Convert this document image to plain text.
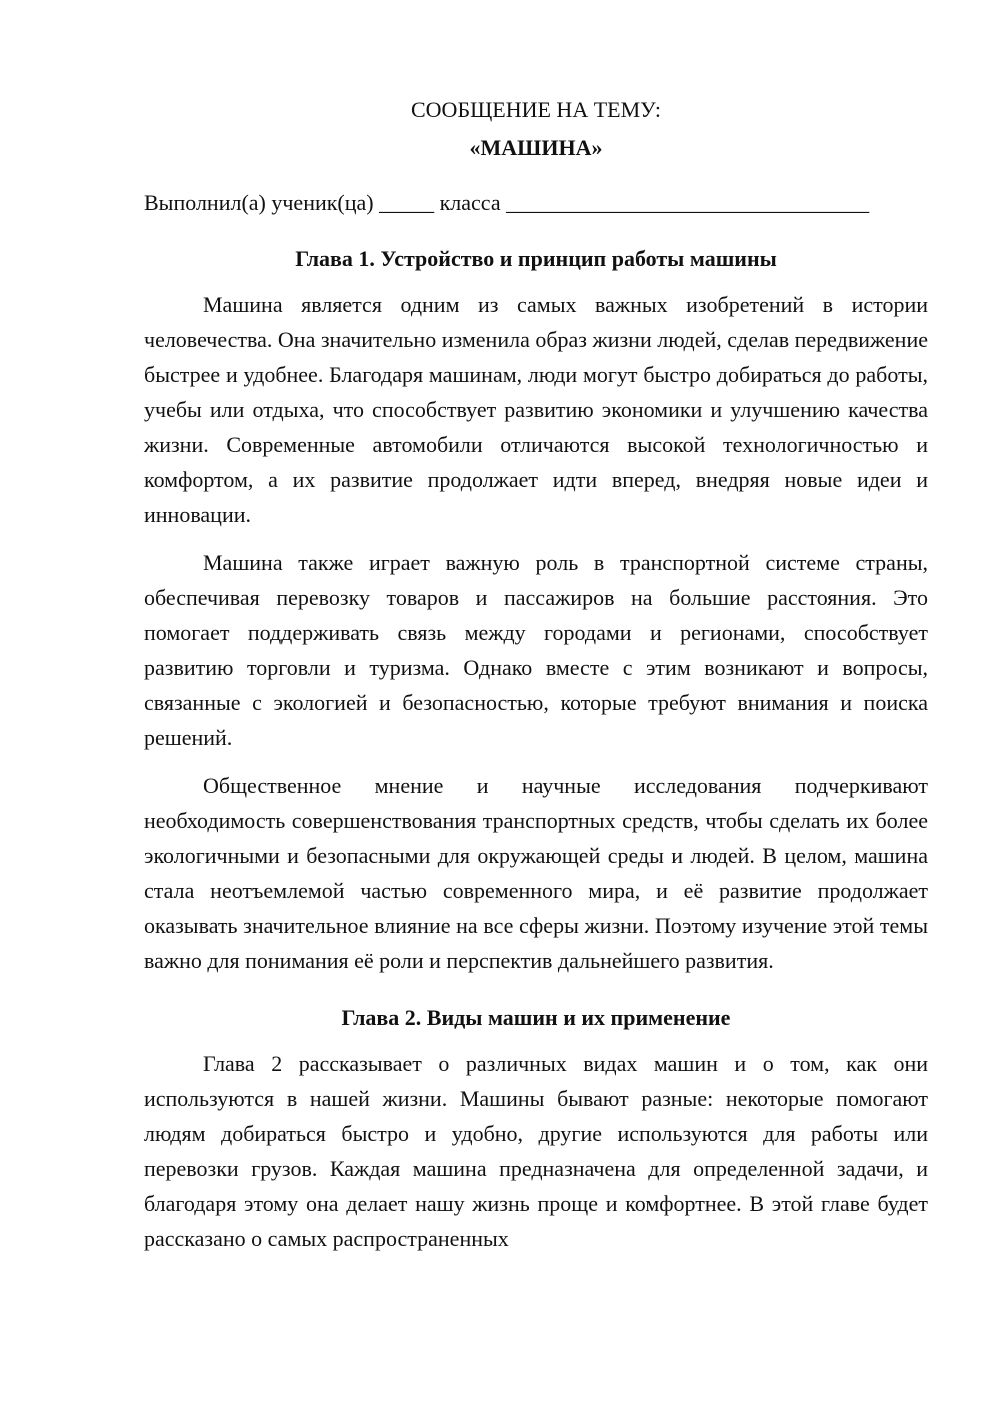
СООБЩЕНИЕ НА ТЕМУ:
«МАШИНА»

Выполнил(а) ученик(ца) _____ класса _________________________________

Глава 1. Устройство и принцип работы машины

Машина является одним из самых важных изобретений в истории человечества. Она значительно изменила образ жизни людей, сделав передвижение быстрее и удобнее. Благодаря машинам, люди могут быстро добираться до работы, учебы или отдыха, что способствует развитию экономики и улучшению качества жизни. Современные автомобили отличаются высокой технологичностью и комфортом, а их развитие продолжает идти вперед, внедряя новые идеи и инновации.

Машина также играет важную роль в транспортной системе страны, обеспечивая перевозку товаров и пассажиров на большие расстояния. Это помогает поддерживать связь между городами и регионами, способствует развитию торговли и туризма. Однако вместе с этим возникают и вопросы, связанные с экологией и безопасностью, которые требуют внимания и поиска решений.

Общественное мнение и научные исследования подчеркивают необходимость совершенствования транспортных средств, чтобы сделать их более экологичными и безопасными для окружающей среды и людей. В целом, машина стала неотъемлемой частью современного мира, и её развитие продолжает оказывать значительное влияние на все сферы жизни. Поэтому изучение этой темы важно для понимания её роли и перспектив дальнейшего развития.

Глава 2. Виды машин и их применение

Глава 2 рассказывает о различных видах машин и о том, как они используются в нашей жизни. Машины бывают разные: некоторые помогают людям добираться быстро и удобно, другие используются для работы или перевозки грузов. Каждая машина предназначена для определенной задачи, и благодаря этому она делает нашу жизнь проще и комфортнее. В этой главе будет рассказано о самых распространенных
